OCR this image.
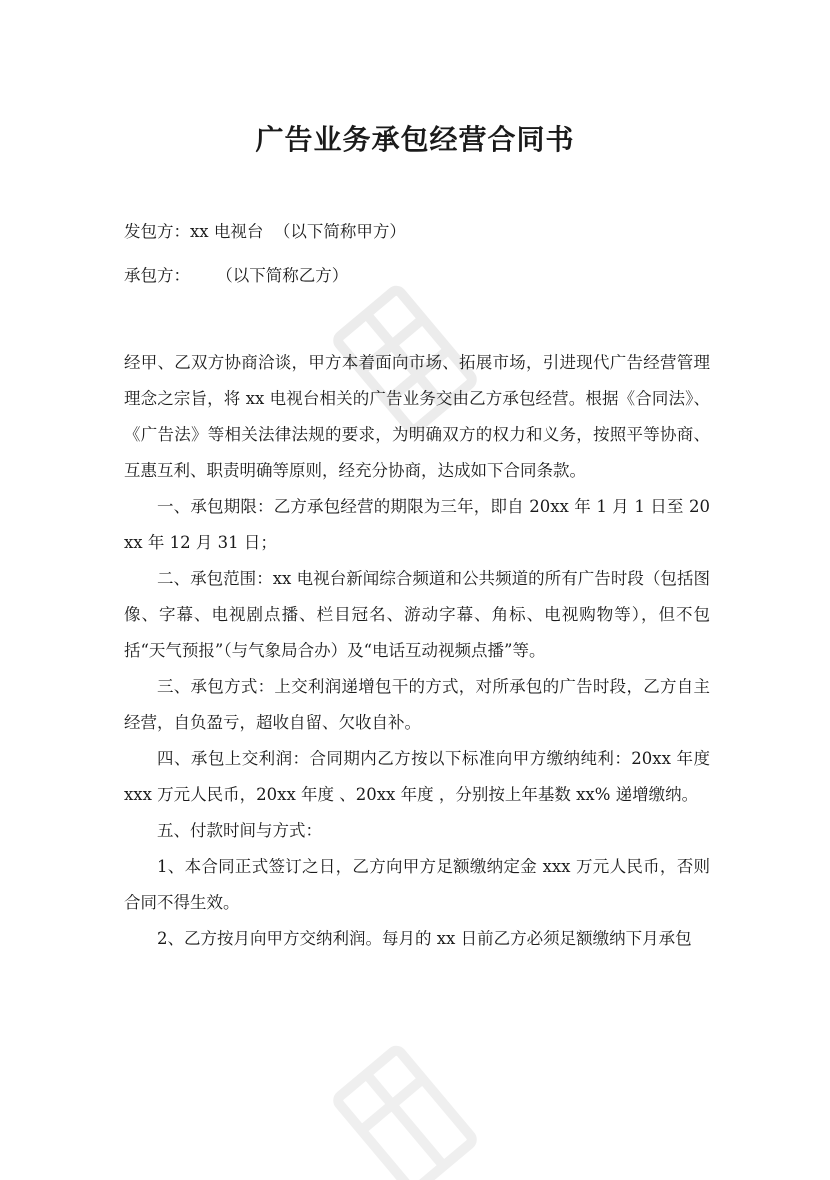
广告业务承包经营合同书

发包方：xx 电视台  （以下简称甲方）

承包方：     （以下简称乙方）

经甲、乙双方协商洽谈，甲方本着面向市场、拓展市场，引进现代广告经营管理理念之宗旨，将 xx 电视台相关的广告业务交由乙方承包经营。根据《合同法》、《广告法》等相关法律法规的要求，为明确双方的权力和义务，按照平等协商、互惠互利、职责明确等原则，经充分协商，达成如下合同条款。

一、承包期限：乙方承包经营的期限为三年，即自 20xx 年 1 月 1 日至 20xx 年 12 月 31 日；

二、承包范围：xx 电视台新闻综合频道和公共频道的所有广告时段（包括图像、字幕、电视剧点播、栏目冠名、游动字幕、角标、电视购物等），但不包括“天气预报”（与气象局合办）及“电话互动视频点播”等。

三、承包方式：上交利润递增包干的方式，对所承包的广告时段，乙方自主经营，自负盈亏，超收自留、欠收自补。

四、承包上交利润：合同期内乙方按以下标准向甲方缴纳纯利：20xx 年度 xxx 万元人民币，20xx 年度 、20xx 年度 ，分别按上年基数 xx% 递增缴纳。

五、付款时间与方式：

1、本合同正式签订之日，乙方向甲方足额缴纳定金 xxx 万元人民币，否则合同不得生效。

2、乙方按月向甲方交纳利润。每月的 xx 日前乙方必须足额缴纳下月承包
